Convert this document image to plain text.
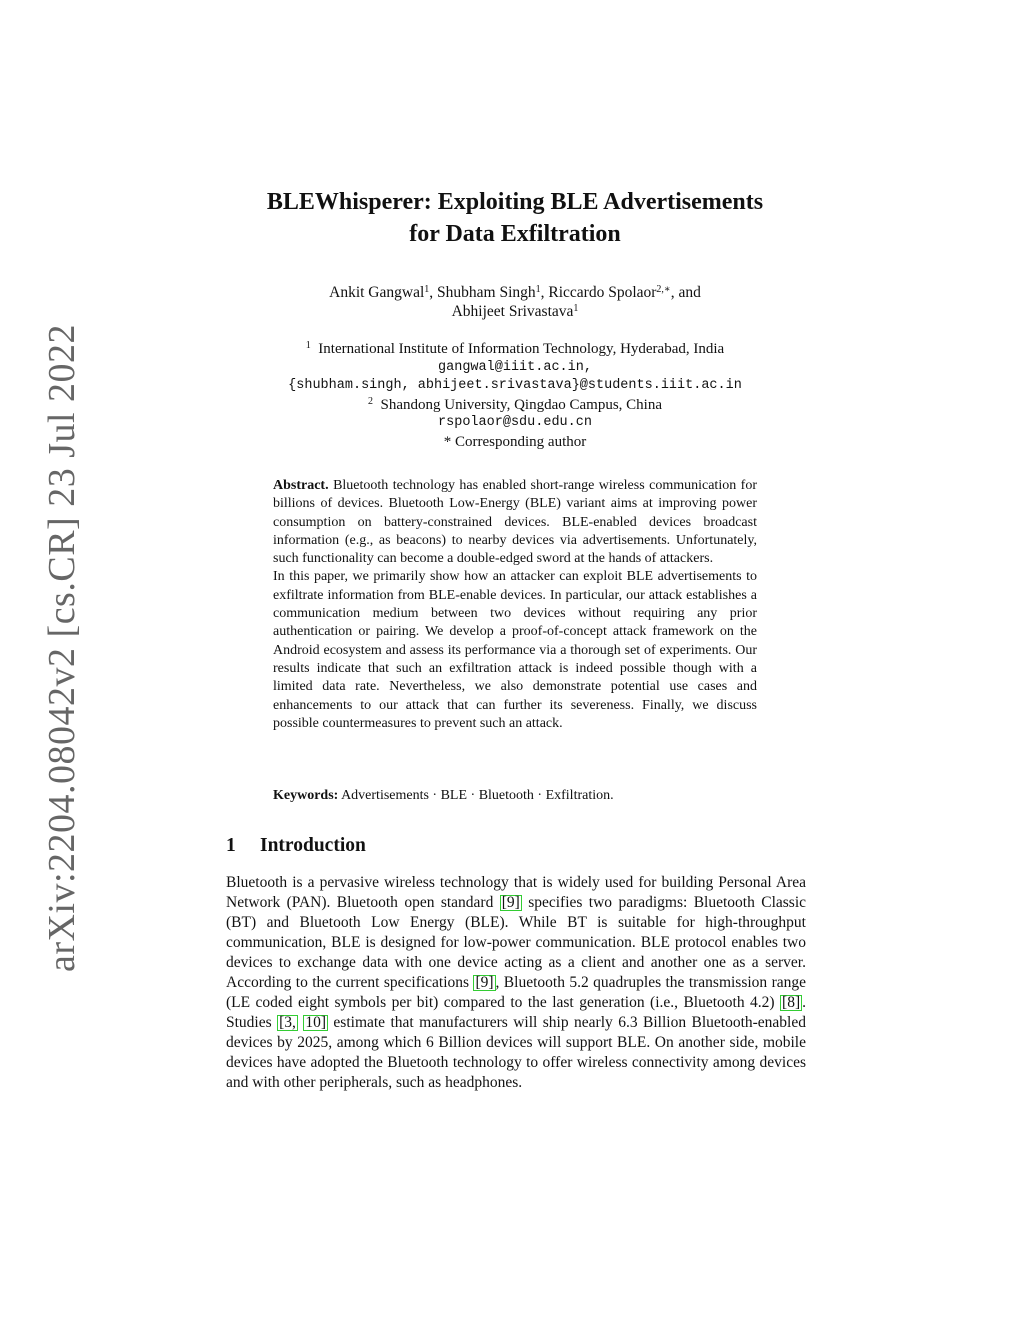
arXiv:2204.08042v2 [cs.CR] 23 Jul 2022
BLEWhisperer: Exploiting BLE Advertisements
for Data Exfiltration
Ankit Gangwal$^1$, Shubham Singh$^1$, Riccardo Spolaor$^{2,∗}$, and
Abhijeet Srivastava$^1$
$^1$ International Institute of Information Technology, Hyderabad, India
gangwal@iiit.ac.in,
{shubham.singh, abhijeet.srivastava}@students.iiit.ac.in
$^2$ Shandong University, Qingdao Campus, China
rspolaor@sdu.edu.cn
* Corresponding author

Abstract. Bluetooth technology has enabled short-range wireless communication for billions of devices. Bluetooth Low-Energy (BLE) variant aims at improving power consumption on battery-constrained devices. BLE-enabled devices broadcast information (e.g., as beacons) to nearby devices via advertisements. Unfortunately, such functionality can become a double-edged sword at the hands of attackers.

In this paper, we primarily show how an attacker can exploit BLE advertisements to exfiltrate information from BLE-enable devices. In particular, our attack establishes a communication medium between two devices without requiring any prior authentication or pairing. We develop a proof-of-concept attack framework on the Android ecosystem and assess its performance via a thorough set of experiments. Our results indicate that such an exfiltration attack is indeed possible though with a limited data rate. Nevertheless, we also demonstrate potential use cases and enhancements to our attack that can further its severeness. Finally, we discuss possible countermeasures to prevent such an attack.

Keywords: Advertisements · BLE · Bluetooth · Exfiltration.
1 Introduction

Bluetooth is a pervasive wireless technology that is widely used for building Personal Area Network (PAN). Bluetooth open standard [9] specifies two paradigms: Bluetooth Classic (BT) and Bluetooth Low Energy (BLE). While BT is suitable for high-throughput communication, BLE is designed for low-power communication. BLE protocol enables two devices to exchange data with one device acting as a client and another one as a server. According to the current specifications [9] , Bluetooth 5.2 quadruples the transmission range (LE coded eight symbols per bit) compared to the last generation (i.e., Bluetooth 4.2) [8] . Studies [3, 10] estimate that manufacturers will ship nearly 6.3 Billion Bluetooth-enabled devices by 2025, among which 6 Billion devices will support BLE. On another side, mobile devices have adopted the Bluetooth technology to offer wireless connectivity among devices and with other peripherals, such as headphones.
